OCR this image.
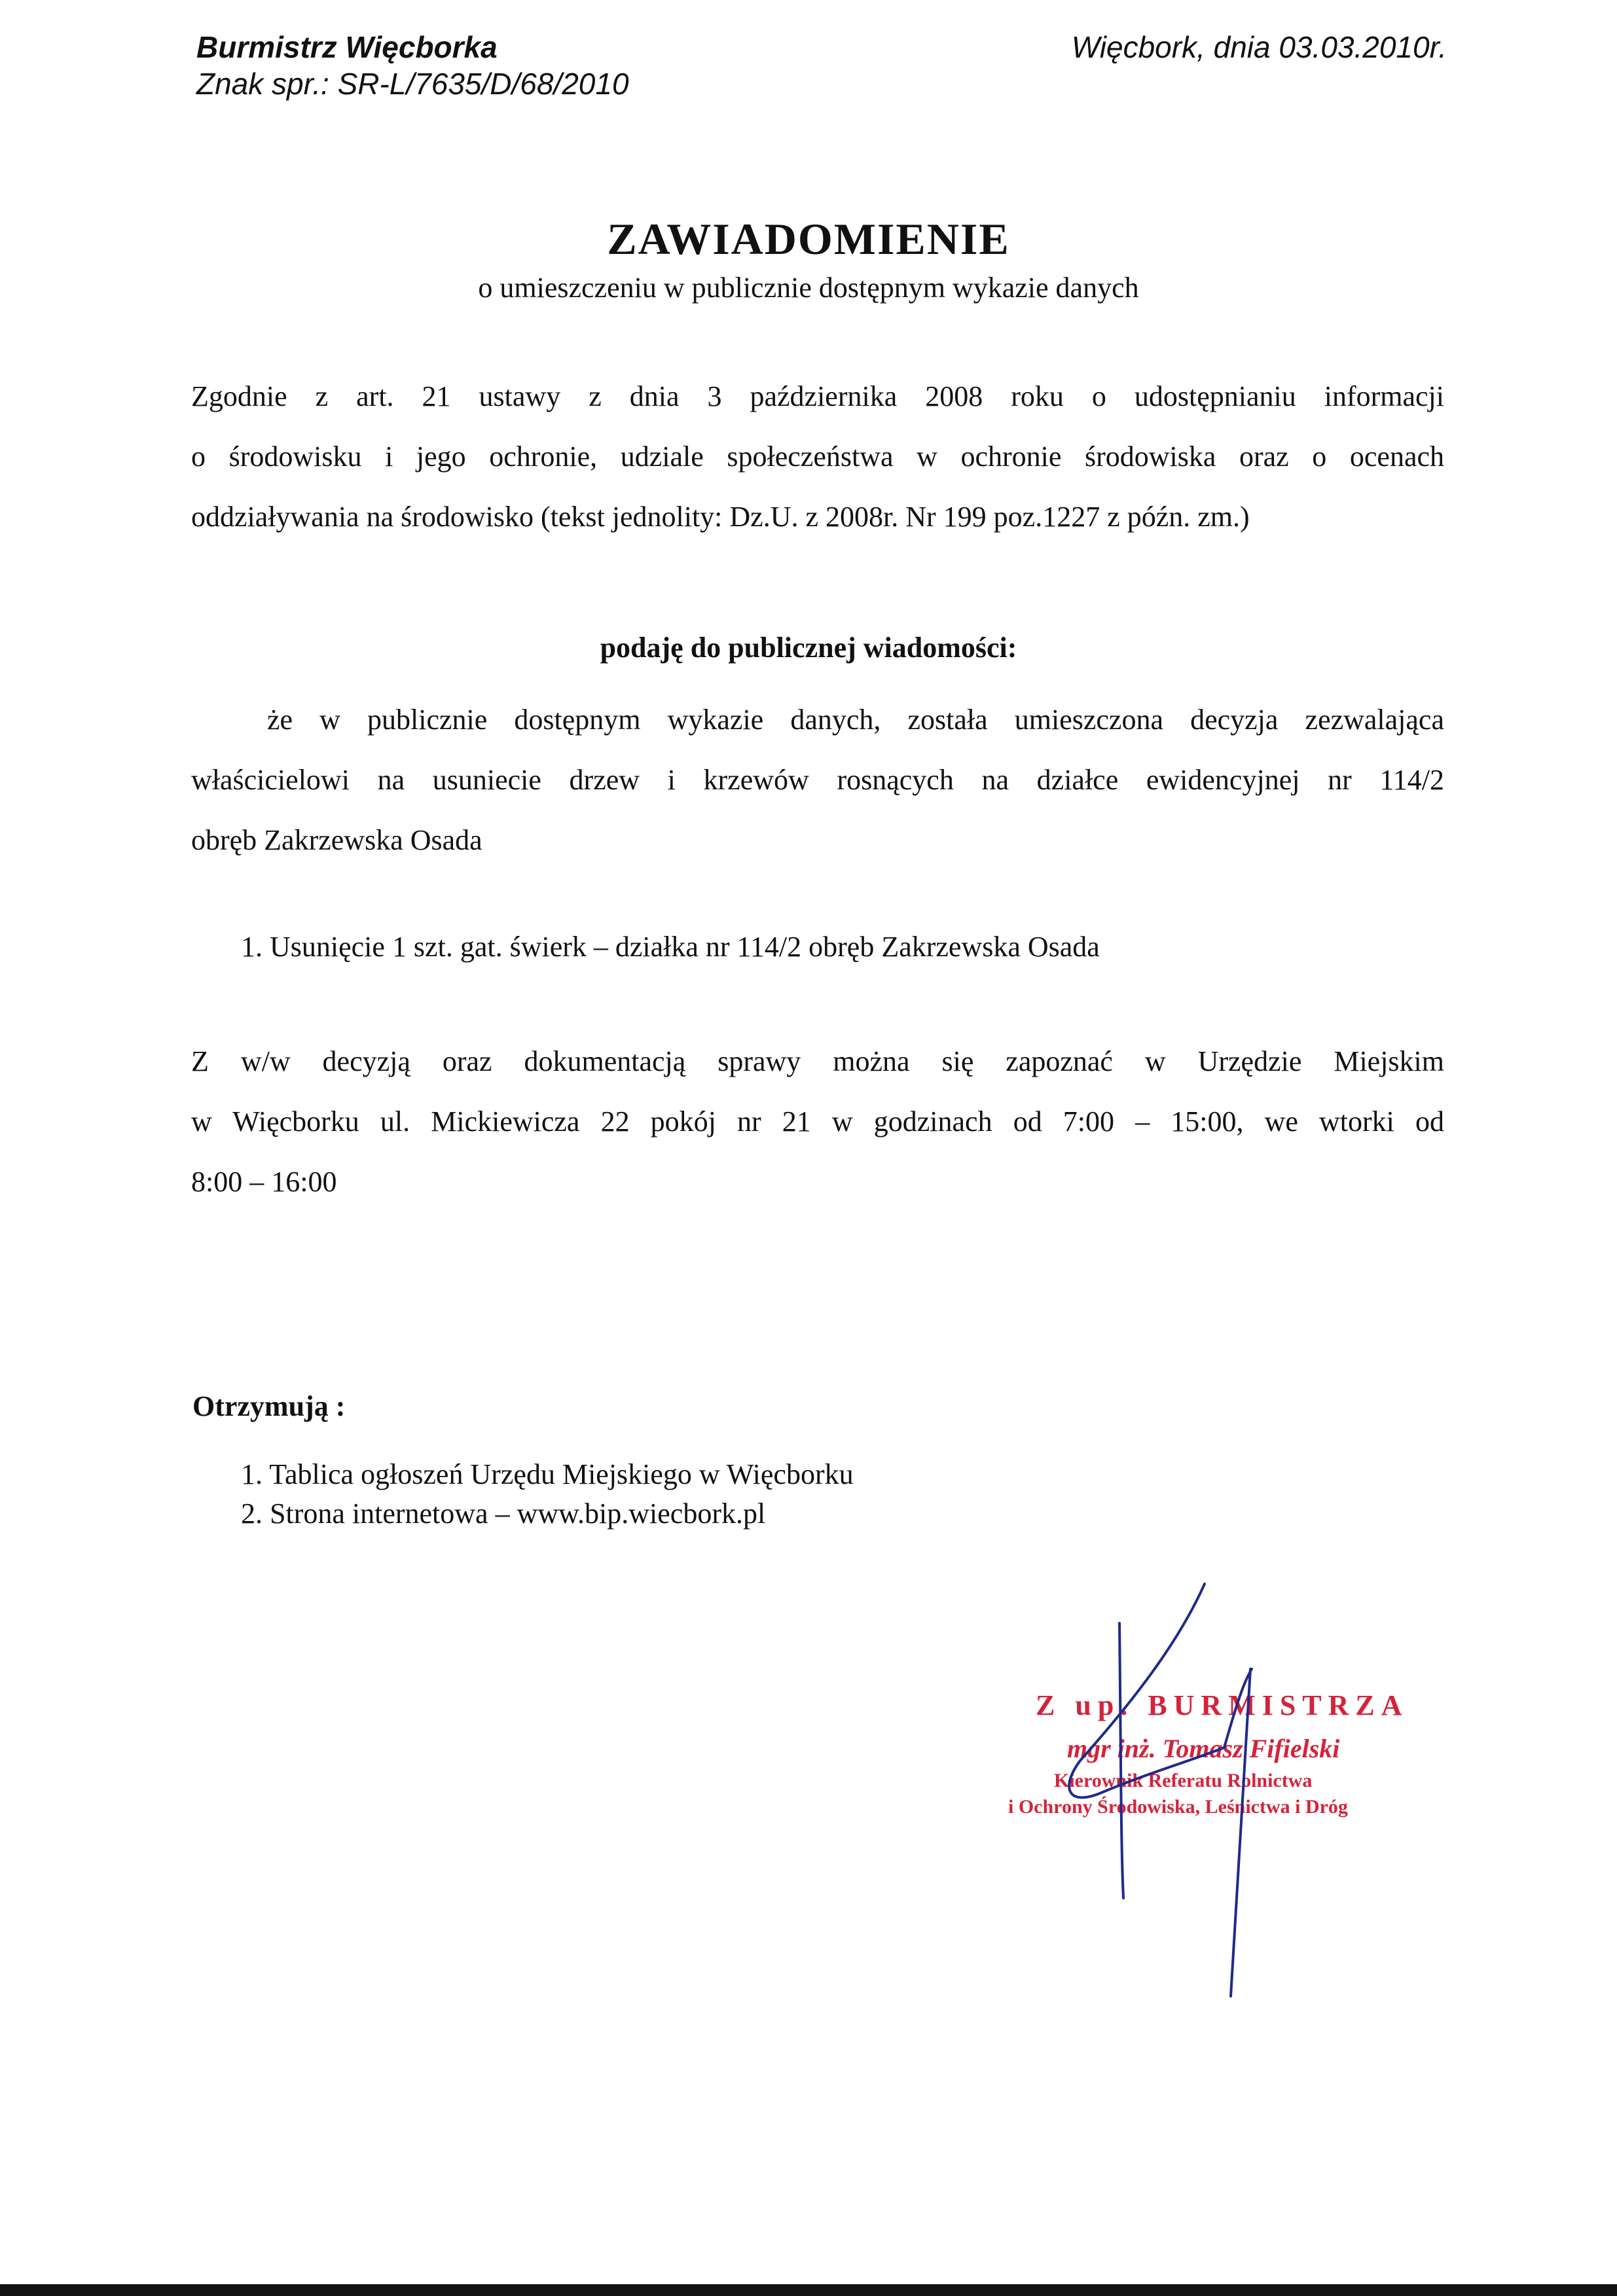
Burmistrz Więcborka
Znak spr.: SR-L/7635/D/68/2010
Więcbork, dnia 03.03.2010r.
ZAWIADOMIENIE
o umieszczeniu w publicznie dostępnym wykazie danych
Zgodnie z art. 21 ustawy z dnia 3 października 2008 roku o udostępnianiu informacji
o środowisku i jego ochronie, udziale społeczeństwa w ochronie środowiska oraz o ocenach
oddziaływania na środowisko (tekst jednolity: Dz.U. z 2008r. Nr 199 poz.1227 z późn. zm.)
podaję do publicznej wiadomości:
że w publicznie dostępnym wykazie danych, została umieszczona decyzja zezwalająca
właścicielowi na usuniecie drzew i krzewów rosnących na działce ewidencyjnej nr 114/2
obręb Zakrzewska Osada
1. Usunięcie 1 szt. gat. świerk – działka nr 114/2 obręb Zakrzewska Osada
Z w/w decyzją oraz dokumentacją sprawy można się zapoznać w Urzędzie Miejskim
w Więcborku ul. Mickiewicza 22 pokój nr 21 w godzinach od 7:00 – 15:00, we wtorki od
8:00 – 16:00
Otrzymują :
1. Tablica ogłoszeń Urzędu Miejskiego w Więcborku
2. Strona internetowa – www.bip.wiecbork.pl
Z up. BURMISTRZA
mgr inż. Tomasz Fifielski
Kierownik Referatu Rolnictwa
i Ochrony Środowiska, Leśnictwa i Dróg
